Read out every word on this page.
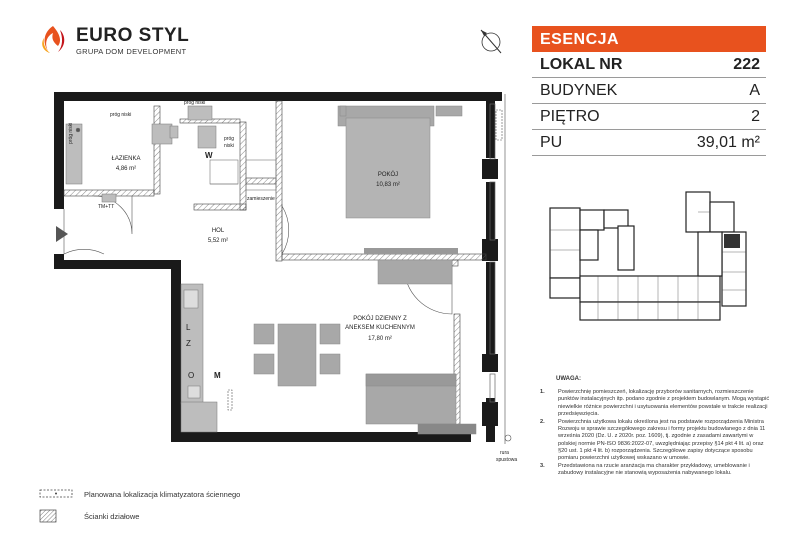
EURO STYL
GRUPA DOM DEVELOPMENT
próg niski
próg niski
próg niski	próg
niski
zamieszenie
TM+TT
W
L
Z
M
O
ŁAZIENKA
4,86 m²
HOL
5,52 m²
POKÓJ
10,83 m²
POKÓJ DZIENNY Z
ANEKSEM KUCHENNYM
17,80 m²
rura
spustowa
ESENCJA
LOKAL NR	222
BUDYNEK	A
PIĘTRO	2
PU	39,01 m²
UWAGA:
1.	Powierzchnię pomieszczeń, lokalizację przyborów sanitarnych, rozmieszczenie punktów instalacyjnych itp. podano zgodnie z projektem budowlanym. Mogą wystąpić niewielkie różnice powierzchni i usytuowania elementów powstałe w trakcie realizacji przedsięwzięcia.
2.	Powierzchnia użytkowa lokalu określona jest na podstawie rozporządzenia Ministra Rozwoju w sprawie szczegółowego zakresu i formy projektu budowlanego z dnia 11 września 2020 (Dz. U. z 2020r. poz. 1609), tj. zgodnie z zasadami zawartymi w polskiej normie PN-ISO 9836:2022-07, uwzględniając przepisy §14 pkt 4 lit. a) oraz §20 ust. 1 pkt 4 lit. b) rozporządzenia. Szczegółowe zapisy dotyczące sposobu pomiaru powierzchni użytkowej wskazano w umowie.
3.	Przedstawiona na rzucie aranżacja ma charakter przykładowy, umeblowanie i zabudowy instalacyjne nie stanowią wyposażenia nabywanego lokalu.
Planowana lokalizacja klimatyzatora ściennego
Ścianki działowe
